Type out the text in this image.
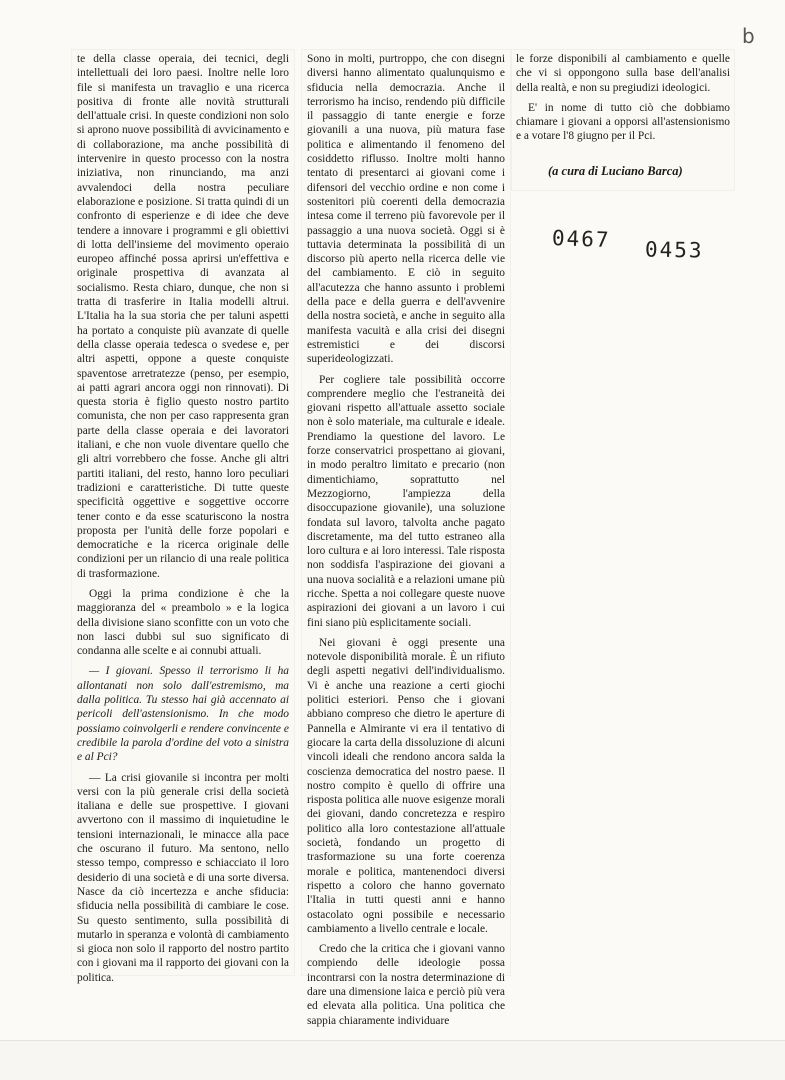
b

te della classe operaia, dei tecnici, degli intellettuali dei loro paesi. Inoltre nelle loro file si manifesta un travaglio e una ricerca positiva di fronte alle novità strutturali dell'attuale crisi. In queste condizioni non solo si aprono nuove possibilità di avvicinamento e di collaborazione, ma anche possibilità di intervenire in questo processo con la nostra iniziativa, non rinunciando, ma anzi avvalendoci della nostra peculiare elaborazione e posizione. Si tratta quindi di un confronto di esperienze e di idee che deve tendere a innovare i programmi e gli obiettivi di lotta dell'insieme del movimento operaio europeo affinché possa aprirsi un'effettiva e originale prospettiva di avanzata al socialismo. Resta chiaro, dunque, che non si tratta di trasferire in Italia modelli altrui. L'Italia ha la sua storia che per taluni aspetti ha portato a conquiste più avanzate di quelle della classe operaia tedesca o svedese e, per altri aspetti, oppone a queste conquiste spaventose arretratezze (penso, per esempio, ai patti agrari ancora oggi non rinnovati). Di questa storia è figlio questo nostro partito comunista, che non per caso rappresenta gran parte della classe operaia e dei lavoratori italiani, e che non vuole diventare quello che gli altri vorrebbero che fosse. Anche gli altri partiti italiani, del resto, hanno loro peculiari tradizioni e caratteristiche. Di tutte queste specificità oggettive e soggettive occorre tener conto e da esse scaturiscono la nostra proposta per l'unità delle forze popolari e democratiche e la ricerca originale delle condizioni per un rilancio di una reale politica di trasformazione.

Oggi la prima condizione è che la maggioranza del « preambolo » e la logica della divisione siano sconfitte con un voto che non lasci dubbi sul suo significato di condanna alle scelte e ai connubi attuali.

— I giovani. Spesso il terrorismo li ha allontanati non solo dall'estremismo, ma dalla politica. Tu stesso hai già accennato ai pericoli dell'astensionismo. In che modo possiamo coinvolgerli e rendere convincente e credibile la parola d'ordine del voto a sinistra e al Pci?

— La crisi giovanile si incontra per molti versi con la più generale crisi della società italiana e delle sue prospettive. I giovani avvertono con il massimo di inquietudine le tensioni internazionali, le minacce alla pace che oscurano il futuro. Ma sentono, nello stesso tempo, compresso e schiacciato il loro desiderio di una società e di una sorte diversa. Nasce da ciò incertezza e anche sfiducia: sfiducia nella possibilità di cambiare le cose. Su questo sentimento, sulla possibilità di mutarlo in speranza e volontà di cambiamento si gioca non solo il rapporto del nostro partito con i giovani ma il rapporto dei giovani con la politica.

Sono in molti, purtroppo, che con disegni diversi hanno alimentato qualunquismo e sfiducia nella democrazia. Anche il terrorismo ha inciso, rendendo più difficile il passaggio di tante energie e forze giovanili a una nuova, più matura fase politica e alimentando il fenomeno del cosiddetto riflusso. Inoltre molti hanno tentato di presentarci ai giovani come i difensori del vecchio ordine e non come i sostenitori più coerenti della democrazia intesa come il terreno più favorevole per il passaggio a una nuova società. Oggi si è tuttavia determinata la possibilità di un discorso più aperto nella ricerca delle vie del cambiamento. E ciò in seguito all'acutezza che hanno assunto i problemi della pace e della guerra e dell'avvenire della nostra società, e anche in seguito alla manifesta vacuità e alla crisi dei disegni estremistici e dei discorsi superideologizzati.

Per cogliere tale possibilità occorre comprendere meglio che l'estraneità dei giovani rispetto all'attuale assetto sociale non è solo materiale, ma culturale e ideale. Prendiamo la questione del lavoro. Le forze conservatrici prospettano ai giovani, in modo peraltro limitato e precario (non dimentichiamo, soprattutto nel Mezzogiorno, l'ampiezza della disoccupazione giovanile), una soluzione fondata sul lavoro, talvolta anche pagato discretamente, ma del tutto estraneo alla loro cultura e ai loro interessi. Tale risposta non soddisfa l'aspirazione dei giovani a una nuova socialità e a relazioni umane più ricche. Spetta a noi collegare queste nuove aspirazioni dei giovani a un lavoro i cui fini siano più esplicitamente sociali.

Nei giovani è oggi presente una notevole disponibilità morale. È un rifiuto degli aspetti negativi dell'individualismo. Vi è anche una reazione a certi giochi politici esteriori. Penso che i giovani abbiano compreso che dietro le aperture di Pannella e Almirante vi era il tentativo di giocare la carta della dissoluzione di alcuni vincoli ideali che rendono ancora salda la coscienza democratica del nostro paese. Il nostro compito è quello di offrire una risposta politica alle nuove esigenze morali dei giovani, dando concretezza e respiro politico alla loro contestazione all'attuale società, fondando un progetto di trasformazione su una forte coerenza morale e politica, mantenendoci diversi rispetto a coloro che hanno governato l'Italia in tutti questi anni e hanno ostacolato ogni possibile e necessario cambiamento a livello centrale e locale.

Credo che la critica che i giovani vanno compiendo delle ideologie possa incontrarsi con la nostra determinazione di dare una dimensione laica e perciò più vera ed elevata alla politica. Una politica che sappia chiaramente individuare

le forze disponibili al cambiamento e quelle che vi si oppongono sulla base dell'analisi della realtà, e non su pregiudizi ideologici.

E' in nome di tutto ciò che dobbiamo chiamare i giovani a opporsi all'astensionismo e a votare l'8 giugno per il Pci.

(a cura di Luciano Barca)
0467 0453
